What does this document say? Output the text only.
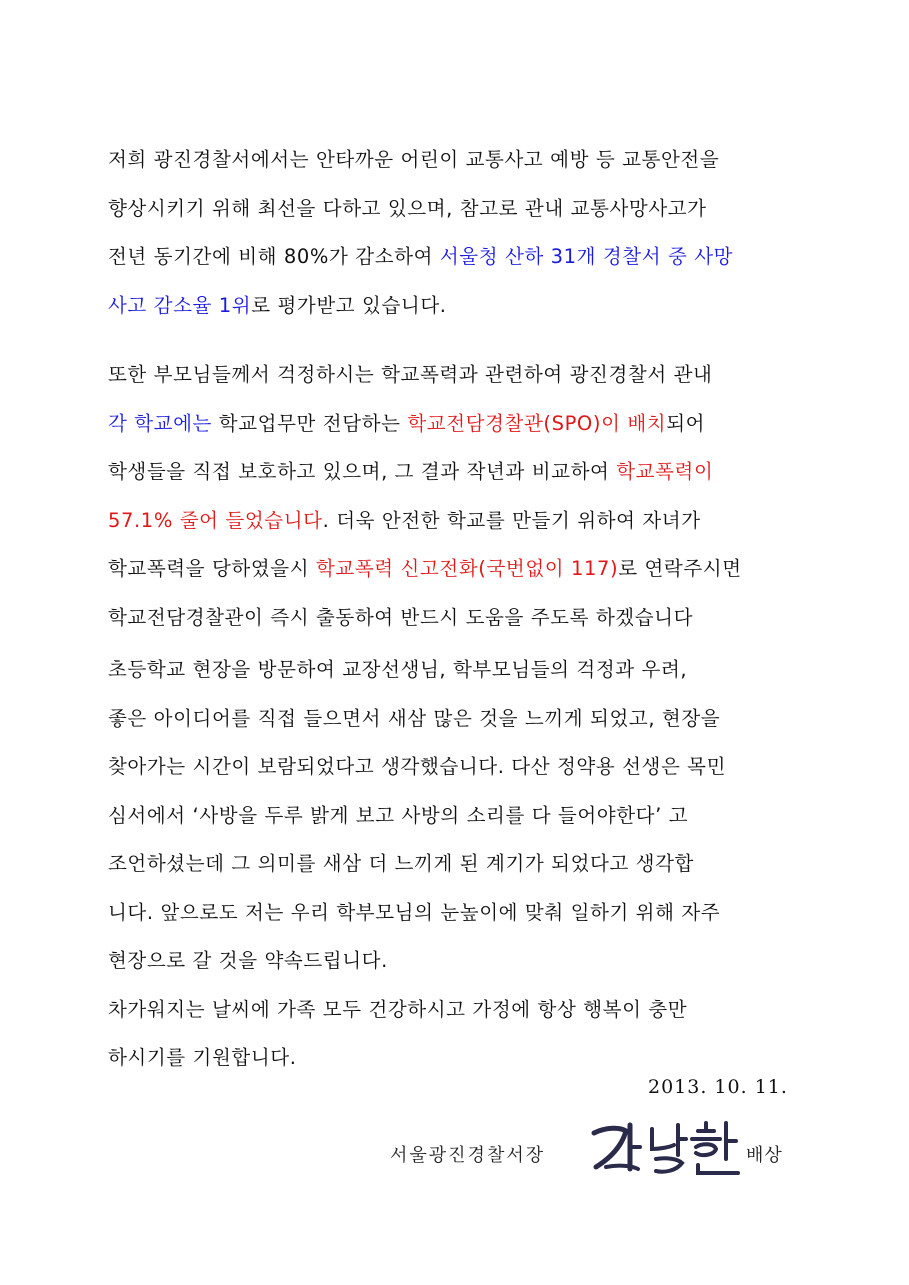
저희 광진경찰서에서는 안타까운 어린이 교통사고 예방 등 교통안전을
향상시키기 위해 최선을 다하고 있으며, 참고로 관내 교통사망사고가
전년 동기간에 비해 80%가 감소하여 서울청 산하 31개 경찰서 중 사망
사고 감소율 1위로 평가받고 있습니다.
또한 부모님들께서 걱정하시는 학교폭력과 관련하여 광진경찰서 관내
각 학교에는 학교업무만 전담하는 학교전담경찰관(SPO)이 배치되어
학생들을 직접 보호하고 있으며, 그 결과 작년과 비교하여 학교폭력이
57.1% 줄어 들었습니다. 더욱 안전한 학교를 만들기 위하여 자녀가
학교폭력을 당하였을시 학교폭력 신고전화(국번없이 117)로 연락주시면
학교전담경찰관이 즉시 출동하여 반드시 도움을 주도록 하겠습니다
초등학교 현장을 방문하여 교장선생님, 학부모님들의 걱정과 우려,
좋은 아이디어를 직접 들으면서 새삼 많은 것을 느끼게 되었고, 현장을
찾아가는 시간이 보람되었다고 생각했습니다. 다산 정약용 선생은 목민
심서에서 ‘사방을 두루 밝게 보고 사방의 소리를 다 들어야한다’ 고
조언하셨는데 그 의미를 새삼 더 느끼게 된 계기가 되었다고 생각합
니다. 앞으로도 저는 우리 학부모님의 눈높이에 맞춰 일하기 위해 자주
현장으로 갈 것을 약속드립니다.
차가워지는 날씨에 가족 모두 건강하시고 가정에 항상 행복이 충만
하시기를 기원합니다.
2013. 10. 11.
서울광진경찰서장	배상
